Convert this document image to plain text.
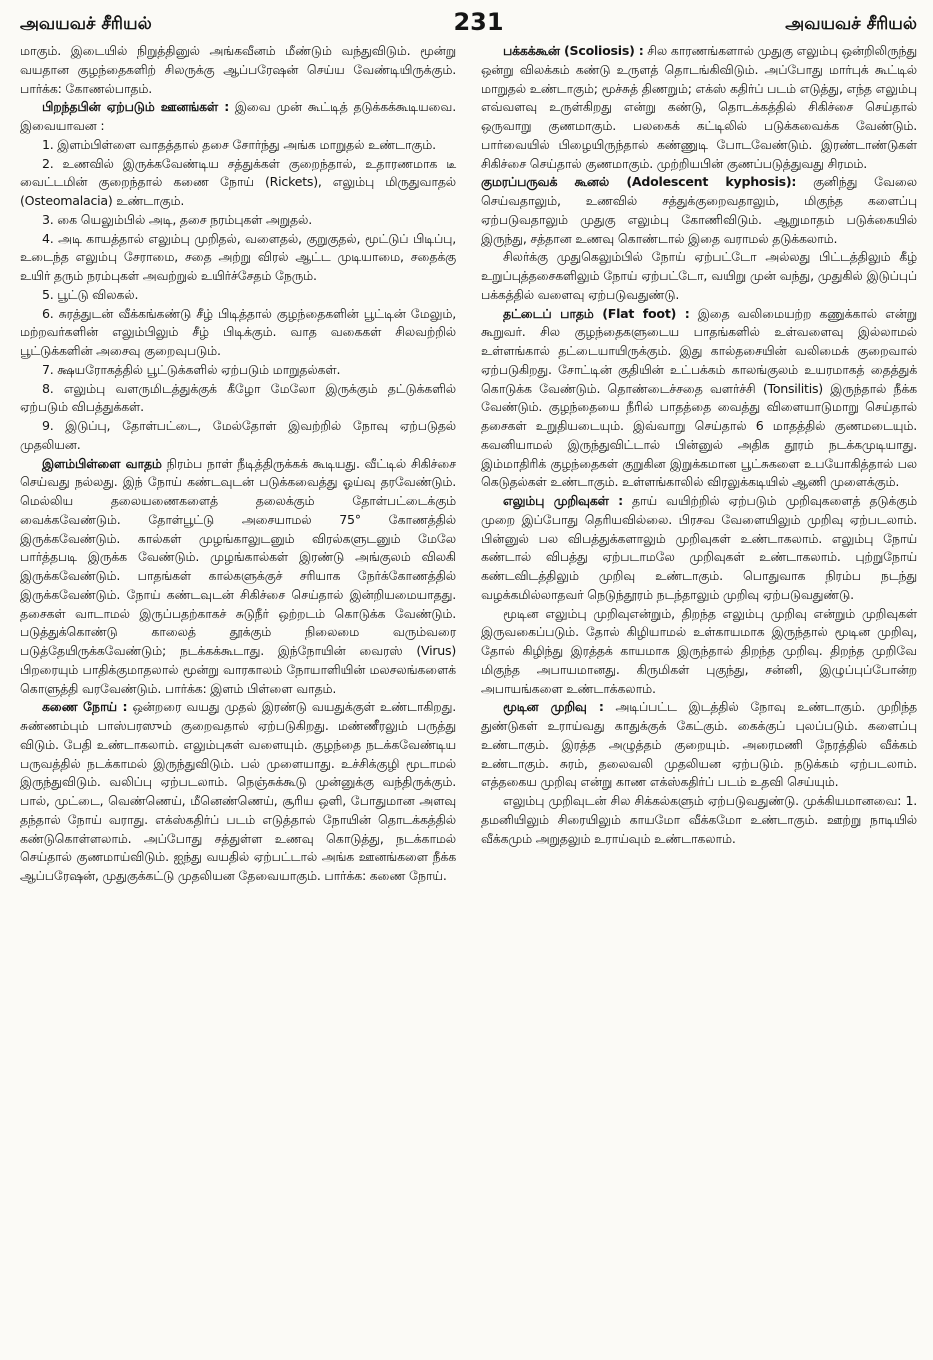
அவயவச் சீரியல்	231	அவயவச் சீரியல்

மாகும். இடையில் நிறுத்தினுல் அங்கவீனம் மீண்டும் வந்துவிடும். மூன்று வயதான குழந்தைகளிற் சிலருக்கு ஆப்பரேஷன் செய்ய வேண்டியிருக்கும். பார்க்க: கோணல்பாதம்.

பிறந்தபின் ஏற்படும் ஊனங்கள் : இவை முன் கூட்டித் தடுக்கக்கூடியவை. இவையாவன :

1. இளம்பிள்ளை வாதத்தால் தசை சோர்ந்து அங்க மாறுதல் உண்டாகும்.

2. உணவில் இருக்கவேண்டிய சத்துக்கள் குறைந்தால், உதாரணமாக டீ வைட்டமின் குறைந்தால் கணை நோய் (Rickets), எலும்பு மிருதுவாதல் (Osteomalacia) உண்டாகும்.

3. கை யெலும்பில் அடி, தசை நரம்புகள் அறுதல்.

4. அடி காயத்தால் எலும்பு முறிதல், வளைதல், குறுகுதல், மூட்டுப் பிடிப்பு, உடைந்த எலும்பு சேராமை, சதை அற்று விரல் ஆட்ட முடியாமை, சதைக்கு உயிர் தரும் நரம்புகள் அவற்றுல் உயிர்ச்சேதம் நேரும்.

5. பூட்டு விலகல்.

6. சுரத்துடன் வீக்கங்கண்டு சீழ் பிடித்தால் குழந்தைகளின் பூட்டின் மேலும், மற்றவர்களின் எலும்பிலும் சீழ் பிடிக்கும். வாத வகைகள் சிலவற்றில் பூட்டுக்களின் அசைவு குறைவுபடும்.

7. க்ஷயரோகத்தில் பூட்டுக்களில் ஏற்படும் மாறுதல்கள்.

8. எலும்பு வளருமிடத்துக்குக் கீழோ மேலோ இருக்கும் தட்டுக்களில் ஏற்படும் விபத்துக்கள்.

9. இடுப்பு, தோள்பட்டை, மேல்தோள் இவற்றில் நோவு ஏற்படுதல் முதலியன.

இளம்பிள்ளை வாதம் நிரம்ப நாள் நீடித்திருக்கக் கூடியது. வீட்டில் சிகிச்சை செய்வது நல்லது. இந் நோய் கண்டவுடன் படுக்கவைத்து ஓய்வு தரவேண்டும். மெல்லிய தலையணைகளைத் தலைக்கும் தோள்பட்டைக்கும் வைக்கவேண்டும். தோள்பூட்டு அசையாமல் 75° கோணத்தில் இருக்கவேண்டும். கால்கள் முழங்காலுடனும் விரல்களுடனும் மேலே பார்த்தபடி இருக்க வேண்டும். முழங்கால்கள் இரண்டு அங்குலம் விலகி இருக்கவேண்டும். பாதங்கள் கால்களுக்குச் சரியாக நேர்க்கோணத்தில் இருக்கவேண்டும். நோய் கண்டவுடன் சிகிச்சை செய்தால் இன்றியமையாதது. தசைகள் வாடாமல் இருப்பதற்காகச் சுடுநீர் ஒற்றடம் கொடுக்க வேண்டும். படுத்துக்கொண்டு காலைத் தூக்கும் நிலைமை வரும்வரை படுத்தேயிருக்கவேண்டும்; நடக்கக்கூடாது. இந்நோயின் வைரஸ் (Virus) பிறரையும் பாதிக்குமாதலால் மூன்று வாரகாலம் நோயாளியின் மலசலங்களைக் கொளுத்தி வரவேண்டும். பார்க்க: இளம் பிள்ளை வாதம்.

கணை நோய் : ஒன்றரை வயது முதல் இரண்டு வயதுக்குள் உண்டாகிறது. சுண்ணம்பும் பாஸ்பரஸும் குறைவதால் ஏற்படுகிறது. மண்ணீரலும் பருத்து விடும். பேதி உண்டாகலாம். எலும்புகள் வளையும். குழந்தை நடக்கவேண்டிய பருவத்தில் நடக்காமல் இருந்துவிடும். பல் முளையாது. உச்சிக்குழி மூடாமல் இருந்துவிடும். வலிப்பு ஏற்படலாம். நெஞ்சுக்கூடு முன்னுக்கு வந்திருக்கும். பால், முட்டை, வெண்ணெய், மீனெண்ணெய், சூரிய ஒளி, போதுமான அளவு தந்தால் நோய் வராது. எக்ஸ்கதிர்ப் படம் எடுத்தால் நோயின் தொடக்கத்தில் கண்டுகொள்ளலாம். அப்போது சத்துள்ள உணவு கொடுத்து, நடக்காமல் செய்தால் குணமாய்விடும். ஐந்து வயதில் ஏற்பட்டால் அங்க ஊனங்களை நீக்க ஆப்பரேஷன், முதுகுக்கட்டு முதலியன தேவையாகும். பார்க்க: கணை நோய்.

பக்கக்கூன் (Scoliosis) : சில காரணங்களால் முதுகு எலும்பு ஒன்றிலிருந்து ஒன்று விலக்கம் கண்டு உருளத் தொடங்கிவிடும். அப்போது மார்புக் கூட்டில் மாறுதல் உண்டாகும்; மூச்சுத் திணறும்; எக்ஸ் கதிர்ப் படம் எடுத்து, எந்த எலும்பு எவ்வளவு உருள்கிறது என்று கண்டு, தொடக்கத்தில் சிகிச்சை செய்தால் ஒருவாறு குணமாகும். பலகைக் கட்டிலில் படுக்கவைக்க வேண்டும். பார்வையில் பிழையிருந்தால் கண்ணுடி போடவேண்டும். இரண்டாண்டுகள் சிகிச்சை செய்தால் குணமாகும். முற்றியபின் குணப்படுத்துவது சிரமம்.

குமரப்பருவக் கூனல் (Adolescent kyphosis): குனிந்து வேலை செய்வதாலும், உணவில் சத்துக்குறைவதாலும், மிகுந்த களைப்பு ஏற்படுவதாலும் முதுகு எலும்பு கோணிவிடும். ஆறுமாதம் படுக்கையில் இருந்து, சத்தான உணவு கொண்டால் இதை வராமல் தடுக்கலாம்.

சிலர்க்கு முதுகெலும்பில் நோய் ஏற்பட்டோ அல்லது பிட்டத்திலும் கீழ் உறுப்புத்தசைகளிலும் நோய் ஏற்பட்டோ, வயிறு முன் வந்து, முதுகில் இடுப்புப் பக்கத்தில் வளைவு ஏற்படுவதுண்டு.

தட்டைப் பாதம் (Flat foot) : இதை வலிமையற்ற கணுக்கால் என்று கூறுவர். சில குழந்தைகளுடைய பாதங்களில் உள்வளைவு இல்லாமல் உள்ளங்கால் தட்டையாயிருக்கும். இது கால்தசையின் வலிமைக் குறைவால் ஏற்படுகிறது. சோட்டின் குதியின் உட்பக்கம் காலங்குலம் உயரமாகத் தைத்துக் கொடுக்க வேண்டும். தொண்டைச்சதை வளர்ச்சி (Tonsilitis) இருந்தால் நீக்க வேண்டும். குழந்தையை நீரில் பாதத்தை வைத்து விளையாடுமாறு செய்தால் தசைகள் உறுதியடையும். இவ்வாறு செய்தால் 6 மாதத்தில் குணமடையும். கவனியாமல் இருந்துவிட்டால் பின்னுல் அதிக தூரம் நடக்கமுடியாது. இம்மாதிரிக் குழந்தைகள் குறுகின இறுக்கமான பூட்சுகளை உபயோகித்தால் பல கெடுதல்கள் உண்டாகும். உள்ளங்காலில் விரலுக்கடியில் ஆணி முளைக்கும்.

எலும்பு முறிவுகள் : தாய் வயிற்றில் ஏற்படும் முறிவுகளைத் தடுக்கும் முறை இப்போது தெரியவில்லை. பிரசவ வேளையிலும் முறிவு ஏற்படலாம். பின்னுல் பல விபத்துக்களாலும் முறிவுகள் உண்டாகலாம். எலும்பு நோய் கண்டால் விபத்து ஏற்படாமலே முறிவுகள் உண்டாகலாம். புற்றுநோய் கண்டவிடத்திலும் முறிவு உண்டாகும். பொதுவாக நிரம்ப நடந்து வழக்கமில்லாதவர் நெடுந்தூரம் நடந்தாலும் முறிவு ஏற்படுவதுண்டு.

மூடின எலும்பு முறிவுஎன்றும், திறந்த எலும்பு முறிவு என்றும் முறிவுகள் இருவகைப்படும். தோல் கிழியாமல் உள்காயமாக இருந்தால் மூடின முறிவு, தோல் கிழிந்து இரத்தக் காயமாக இருந்தால் திறந்த முறிவு. திறந்த முறிவே மிகுந்த அபாயமானது. கிருமிகள் புகுந்து, சன்னி, இழுப்புப்போன்ற அபாயங்களை உண்டாக்கலாம்.

மூடின முறிவு : அடிப்பட்ட இடத்தில் நோவு உண்டாகும். முறிந்த துண்டுகள் உராய்வது காதுக்குக் கேட்கும். கைக்குப் புலப்படும். களைப்பு உண்டாகும். இரத்த அழுத்தம் குறையும். அரைமணி நேரத்தில் வீக்கம் உண்டாகும். சுரம், தலைவலி முதலியன ஏற்படும். நடுக்கம் ஏற்படலாம். எத்தகைய முறிவு என்று காண எக்ஸ்கதிர்ப் படம் உதவி செய்யும்.

எலும்பு முறிவுடன் சில சிக்கல்களும் ஏற்படுவதுண்டு. முக்கியமானவை: 1. தமனியிலும் சிரையிலும் காயமோ வீக்கமோ உண்டாகும். ஊற்று நாடியில் வீக்கமும் அறுதலும் உராய்வும் உண்டாகலாம்.
